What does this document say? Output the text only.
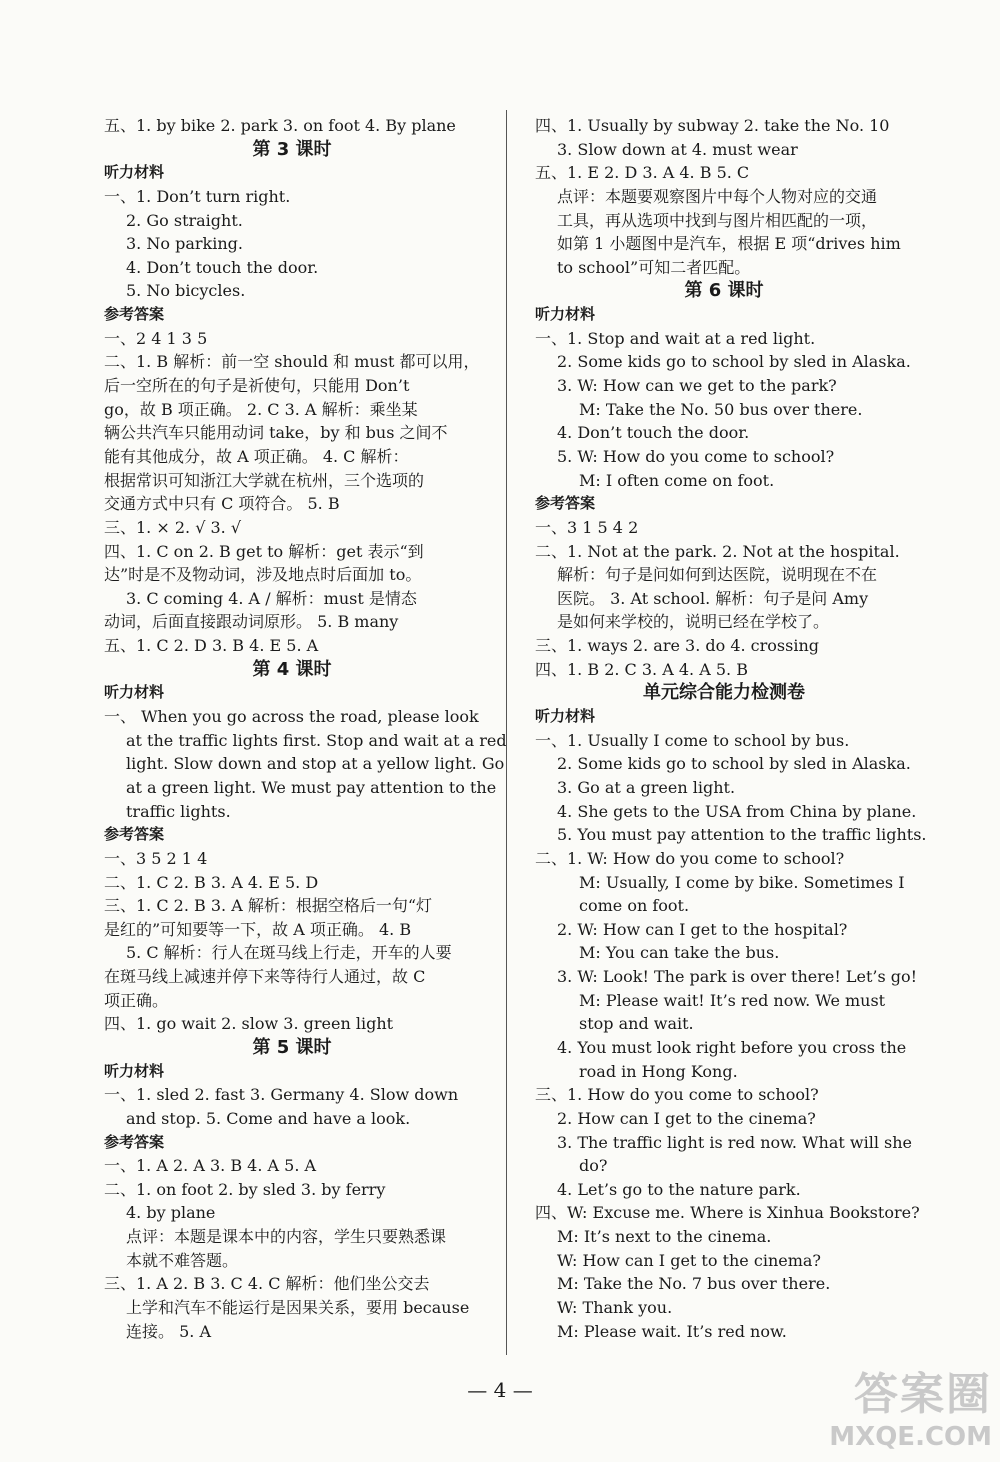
五、1. by bike 2. park 3. on foot 4. By plane
第 3 课时
听力材料
一、1. Don’t turn right.
2. Go straight.
3. No parking.
4. Don’t touch the door.
5. No bicycles.
参考答案
一、2 4 1 3 5
二、1. B 解析：前一空 should 和 must 都可以用，
后一空所在的句子是祈使句，只能用 Don’t
go，故 B 项正确。 2. C 3. A 解析：乘坐某
辆公共汽车只能用动词 take，by 和 bus 之间不
能有其他成分，故 A 项正确。 4. C 解析：
根据常识可知浙江大学就在杭州，三个选项的
交通方式中只有 C 项符合。 5. B
三、1. × 2. √ 3. √
四、1. C on 2. B get to 解析：get 表示“到
达”时是不及物动词，涉及地点时后面加 to。
3. C coming 4. A / 解析：must 是情态
动词，后面直接跟动词原形。 5. B many
五、1. C 2. D 3. B 4. E 5. A
第 4 课时
听力材料
一、 When you go across the road, please look
at the traffic lights first. Stop and wait at a red
light. Slow down and stop at a yellow light. Go
at a green light. We must pay attention to the
traffic lights.
参考答案
一、3 5 2 1 4
二、1. C 2. B 3. A 4. E 5. D
三、1. C 2. B 3. A 解析：根据空格后一句“灯
是红的”可知要等一下，故 A 项正确。 4. B
5. C 解析：行人在斑马线上行走，开车的人要
在斑马线上减速并停下来等待行人通过，故 C
项正确。
四、1. go wait 2. slow 3. green light
第 5 课时
听力材料
一、1. sled 2. fast 3. Germany 4. Slow down
and stop. 5. Come and have a look.
参考答案
一、1. A 2. A 3. B 4. A 5. A
二、1. on foot 2. by sled 3. by ferry
4. by plane
点评：本题是课本中的内容，学生只要熟悉课
本就不难答题。
三、1. A 2. B 3. C 4. C 解析：他们坐公交去
上学和汽车不能运行是因果关系，要用 because
连接。 5. A
四、1. Usually by subway 2. take the No. 10
3. Slow down at 4. must wear
五、1. E 2. D 3. A 4. B 5. C
点评：本题要观察图片中每个人物对应的交通
工具，再从选项中找到与图片相匹配的一项，
如第 1 小题图中是汽车，根据 E 项“drives him
to school”可知二者匹配。
第 6 课时
听力材料
一、1. Stop and wait at a red light.
2. Some kids go to school by sled in Alaska.
3. W: How can we get to the park?
M: Take the No. 50 bus over there.
4. Don’t touch the door.
5. W: How do you come to school?
M: I often come on foot.
参考答案
一、3 1 5 4 2
二、1. Not at the park. 2. Not at the hospital.
解析：句子是问如何到达医院，说明现在不在
医院。 3. At school. 解析：句子是问 Amy
是如何来学校的，说明已经在学校了。
三、1. ways 2. are 3. do 4. crossing
四、1. B 2. C 3. A 4. A 5. B
单元综合能力检测卷
听力材料
一、1. Usually I come to school by bus.
2. Some kids go to school by sled in Alaska.
3. Go at a green light.
4. She gets to the USA from China by plane.
5. You must pay attention to the traffic lights.
二、1. W: How do you come to school?
M: Usually, I come by bike. Sometimes I
come on foot.
2. W: How can I get to the hospital?
M: You can take the bus.
3. W: Look! The park is over there! Let’s go!
M: Please wait! It’s red now. We must
stop and wait.
4. You must look right before you cross the
road in Hong Kong.
三、1. How do you come to school?
2. How can I get to the cinema?
3. The traffic light is red now. What will she
do?
4. Let’s go to the nature park.
四、W: Excuse me. Where is Xinhua Bookstore?
M: It’s next to the cinema.
W: How can I get to the cinema?
M: Take the No. 7 bus over there.
W: Thank you.
M: Please wait. It’s red now.
— 4 —	答案圈
MXQE.COM
